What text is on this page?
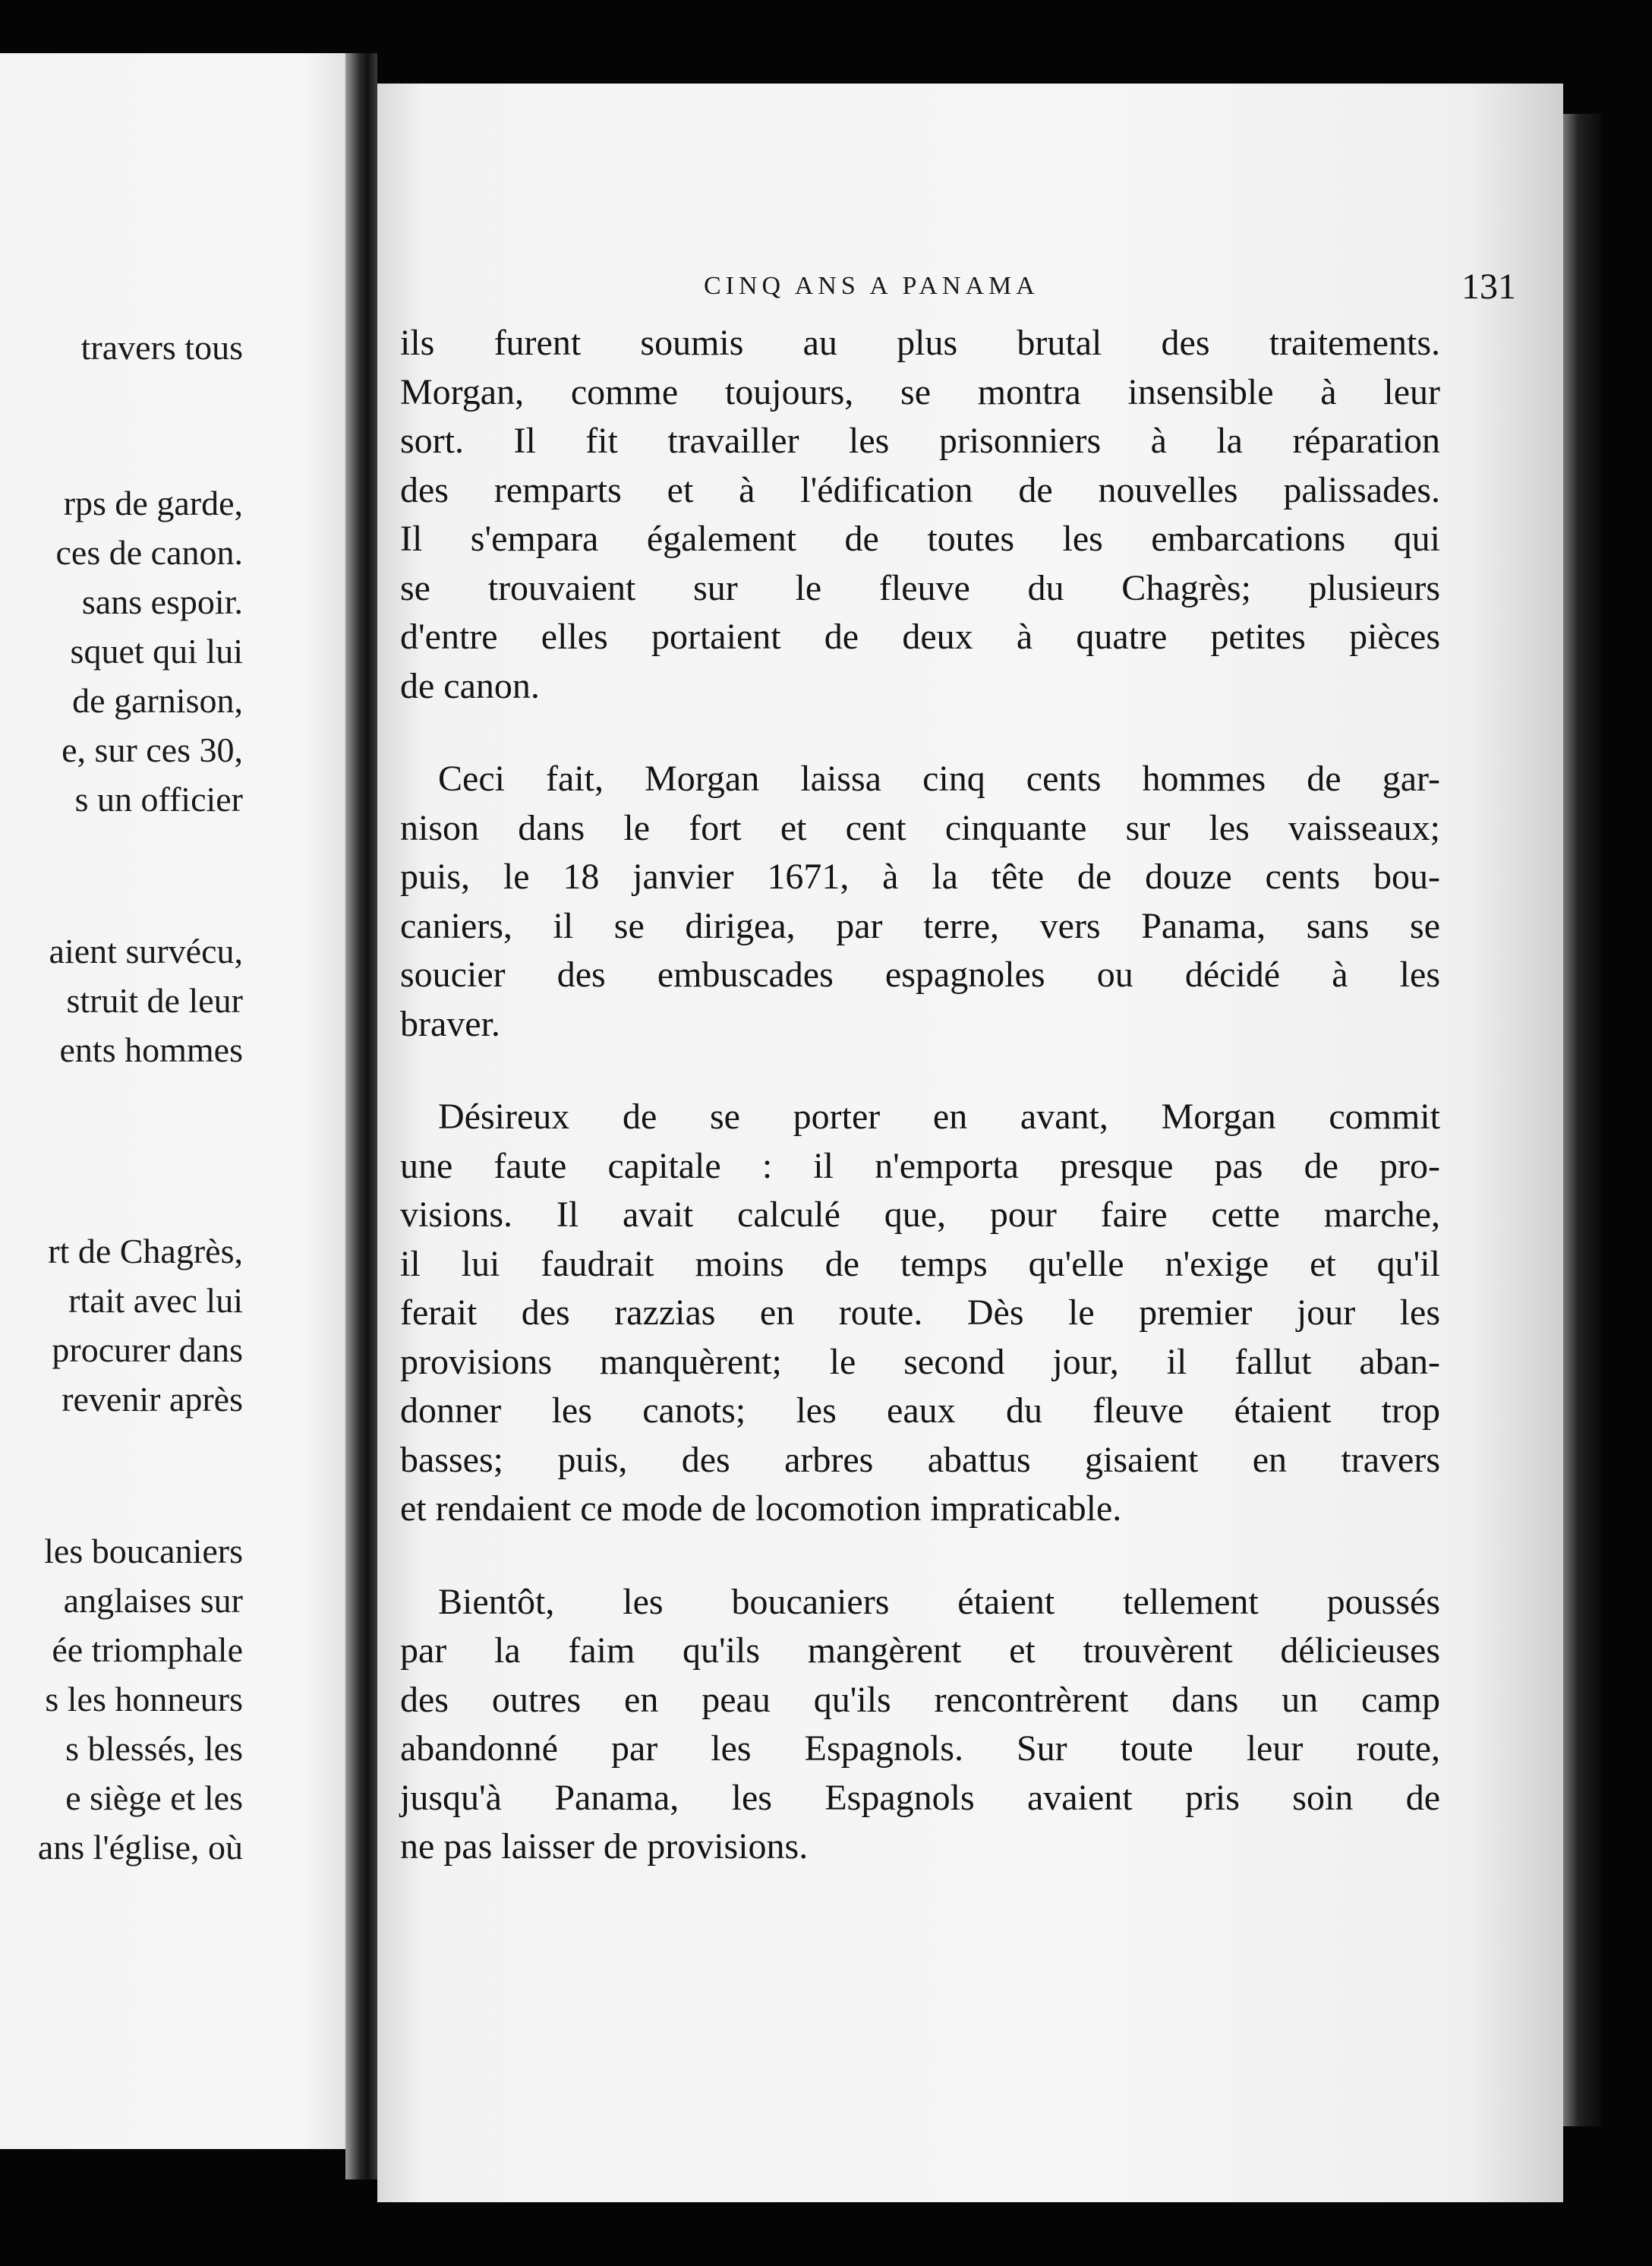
travers tous
rps de garde,
ces de canon.
sans espoir.
squet qui lui
de garnison,
e, sur ces 30,
s un officier
aient survécu,
struit de leur
ents hommes
rt de Chagrès,
rtait avec lui
procurer dans
revenir après
les boucaniers
anglaises sur
ée triomphale
s les honneurs
s blessés, les
e siège et les
ans l'église, où
CINQ ANS A PANAMA	131
ils furent soumis au plus brutal des traitements.
Morgan, comme toujours, se montra insensible à leur
sort. Il fit travailler les prisonniers à la réparation
des remparts et à l'édification de nouvelles palissades.
Il s'empara également de toutes les embarcations qui
se trouvaient sur le fleuve du Chagrès; plusieurs
d'entre elles portaient de deux à quatre petites pièces
de canon.
Ceci fait, Morgan laissa cinq cents hommes de gar-
nison dans le fort et cent cinquante sur les vaisseaux;
puis, le 18 janvier 1671, à la tête de douze cents bou-
caniers, il se dirigea, par terre, vers Panama, sans se
soucier des embuscades espagnoles ou décidé à les
braver.
Désireux de se porter en avant, Morgan commit
une faute capitale : il n'emporta presque pas de pro-
visions. Il avait calculé que, pour faire cette marche,
il lui faudrait moins de temps qu'elle n'exige et qu'il
ferait des razzias en route. Dès le premier jour les
provisions manquèrent; le second jour, il fallut aban-
donner les canots; les eaux du fleuve étaient trop
basses; puis, des arbres abattus gisaient en travers
et rendaient ce mode de locomotion impraticable.
Bientôt, les boucaniers étaient tellement poussés
par la faim qu'ils mangèrent et trouvèrent délicieuses
des outres en peau qu'ils rencontrèrent dans un camp
abandonné par les Espagnols. Sur toute leur route,
jusqu'à Panama, les Espagnols avaient pris soin de
ne pas laisser de provisions.
